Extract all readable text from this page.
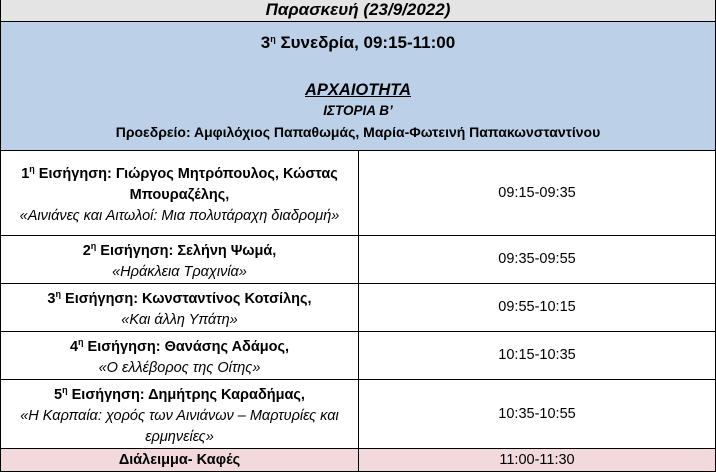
Παρασκευή (23/9/2022)	

$3^\eta$ Συνεδρία, 09:15-11:00
ΑΡΧΑΙΟΤΗΤΑ
ΙΣΤΟΡΙΑ Β’
Προεδρείο: Αμφιλόχιος Παπαθωμάς, Μαρία-Φωτεινή Παπακωνσταντίνου	

$1^\eta$ Εισήγηση: Γιώργος Μητρόπουλος, Κώστας Μπουραζέλης,
«Αινιάνες και Αιτωλοί: Μια πολυτάραχη διαδρομή»	09:15-09:35

$2^\eta$ Εισήγηση: Σελήνη Ψωμά,
«Ηράκλεια Τραχινία»	09:35-09:55

$3^\eta$ Εισήγηση: Κωνσταντίνος Κοτσίλης,
«Και άλλη Υπάτη»	09:55-10:15

$4^\eta$ Εισήγηση: Θανάσης Αδάμος,
«Ο ελλέβορος της Οίτης»	10:15-10:35

$5^\eta$ Εισήγηση: Δημήτρης Καραδήμας,
«Η Καρπαία: χορός των Αινιάνων – Μαρτυρίες και ερμηνείες»	10:35-10:55
Διάλειμμα- Καφές	11:00-11:30
